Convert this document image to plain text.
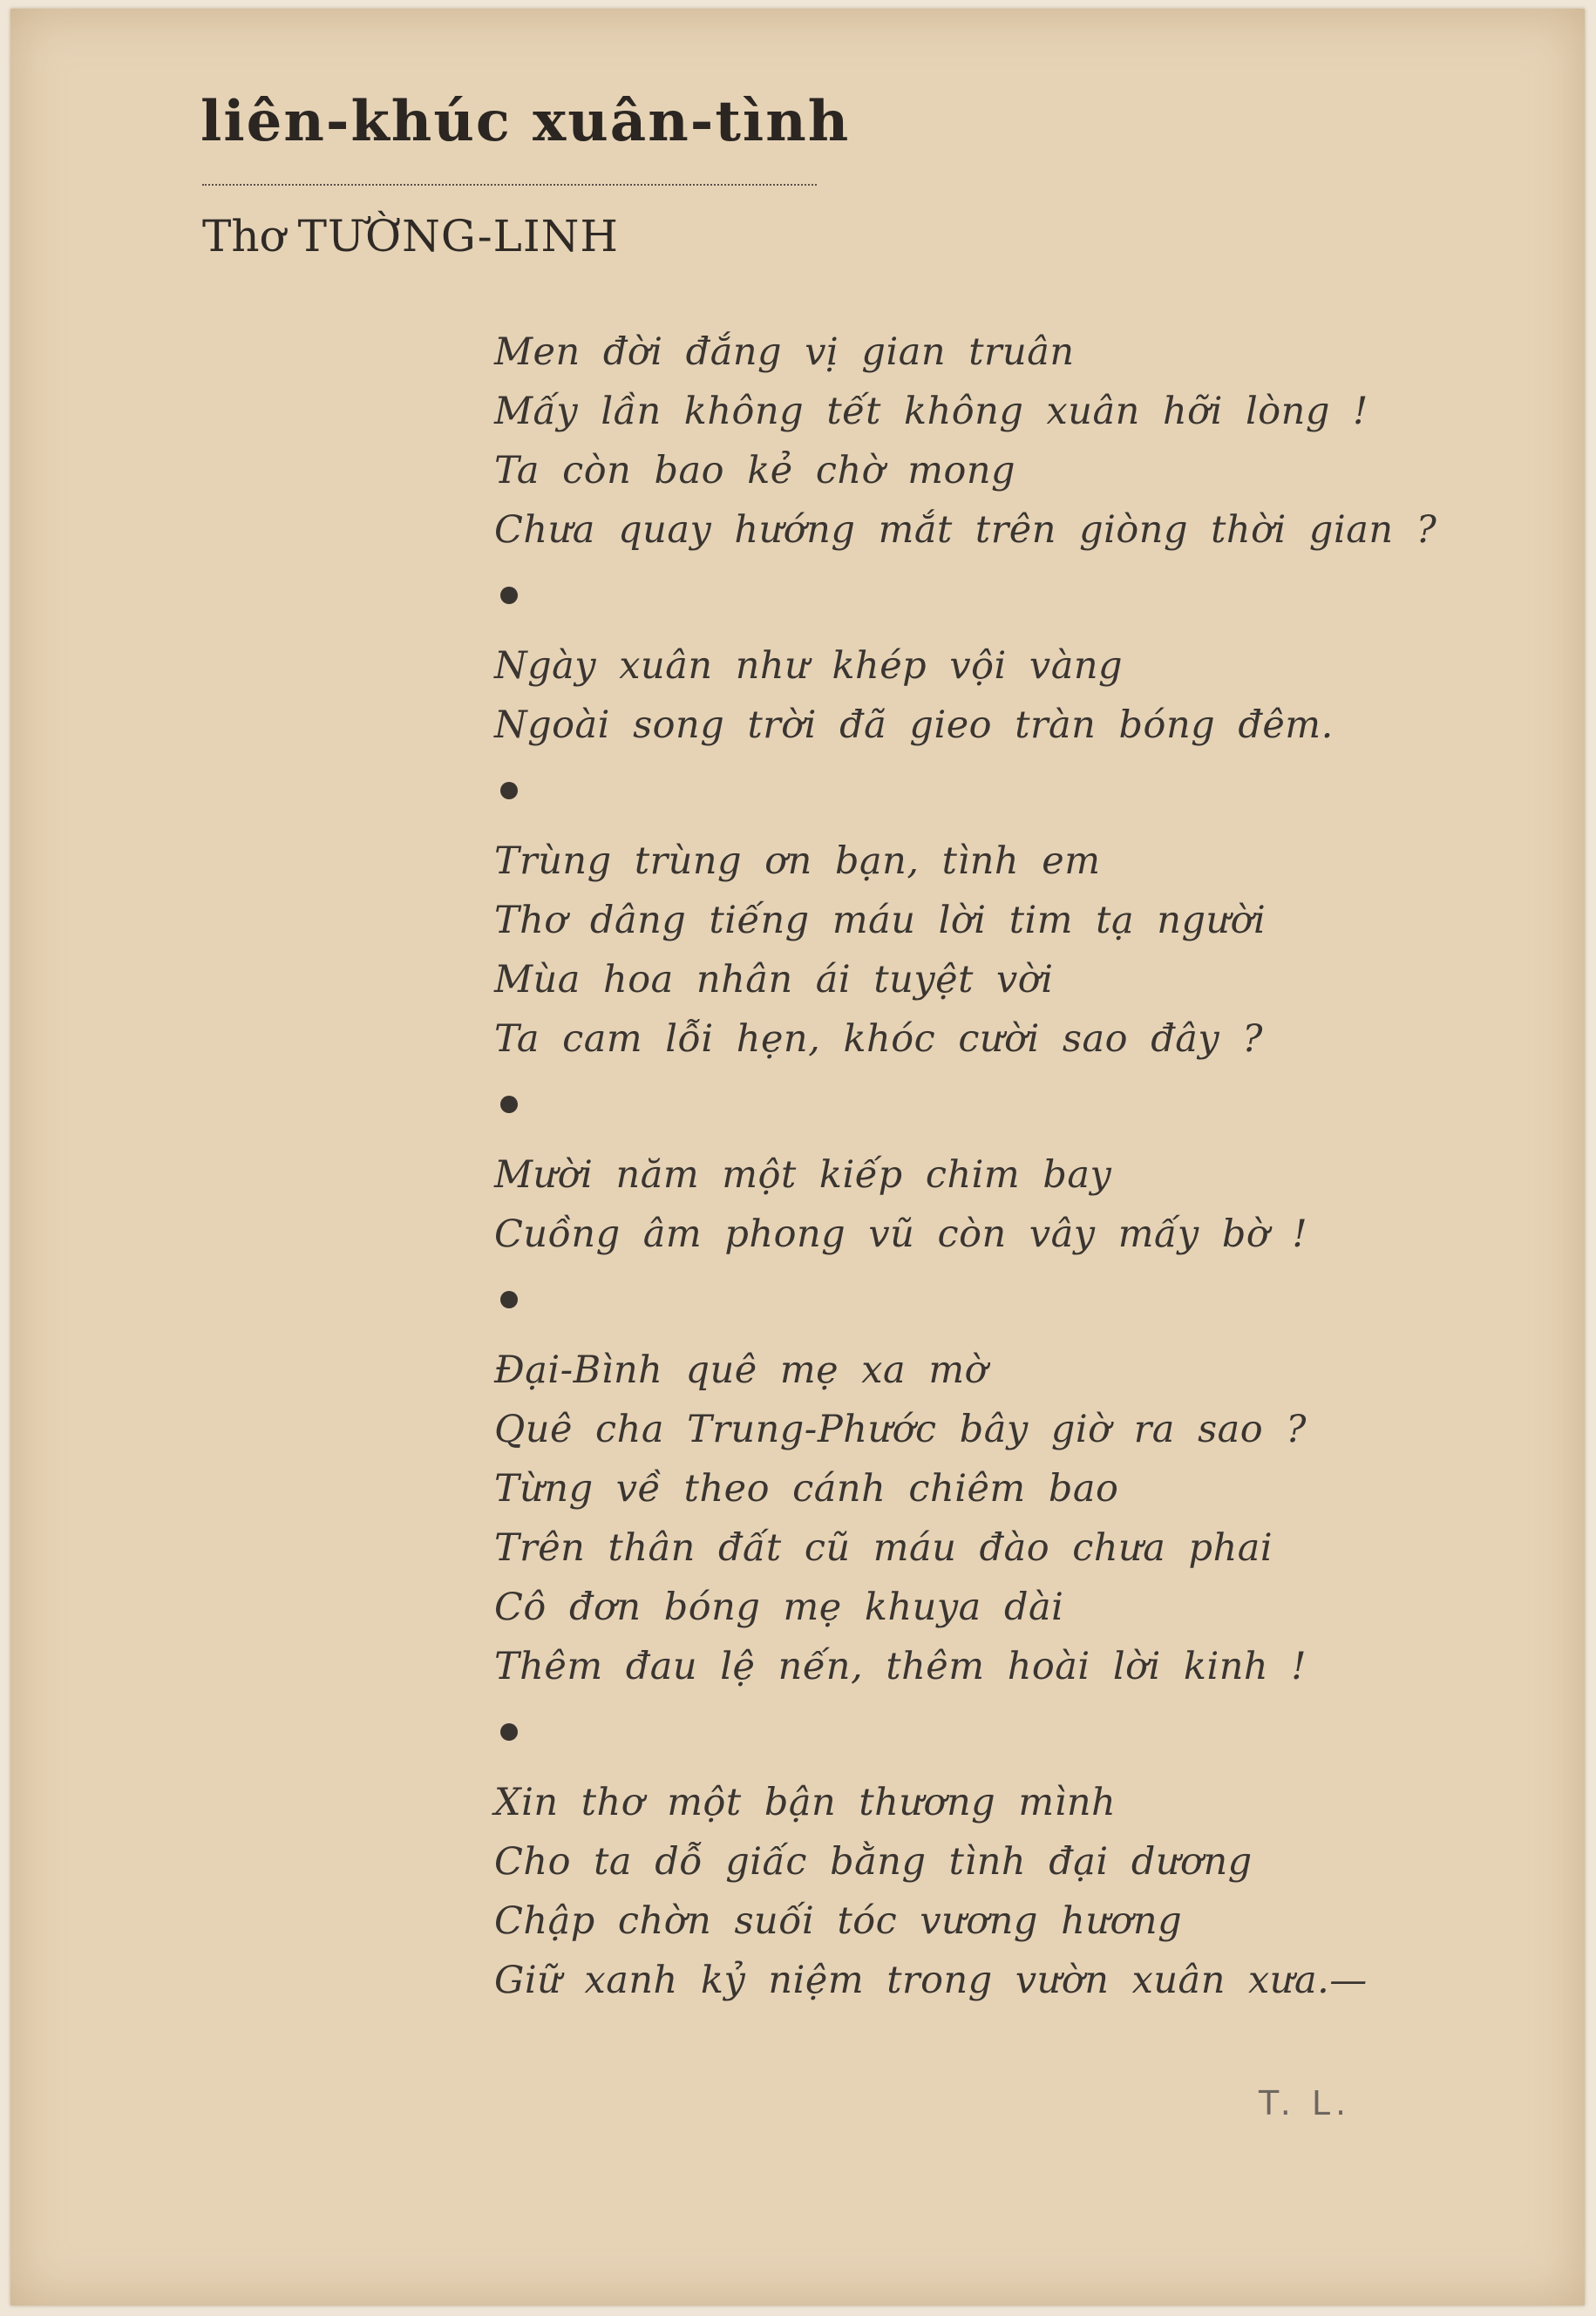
liên-khúc xuân-tình
Thơ TƯỜNG-LINH
Men đời đắng vị gian truân
Mấy lần không tết không xuân hỡi lòng !
Ta còn bao kẻ chờ mong
Chưa quay hướng mắt trên giòng thời gian ?
Ngày xuân như khép vội vàng
Ngoài song trời đã gieo tràn bóng đêm.
Trùng trùng ơn bạn, tình em
Thơ dâng tiếng máu lời tim tạ người
Mùa hoa nhân ái tuyệt vời
Ta cam lỗi hẹn, khóc cười sao đây ?
Mười năm một kiếp chim bay
Cuồng âm phong vũ còn vây mấy bờ !
Đại-Bình quê mẹ xa mờ
Quê cha Trung-Phước bây giờ ra sao ?
Từng về theo cánh chiêm bao
Trên thân đất cũ máu đào chưa phai
Cô đơn bóng mẹ khuya dài
Thêm đau lệ nến, thêm hoài lời kinh !
Xin thơ một bận thương mình
Cho ta dỗ giấc bằng tình đại dương
Chập chờn suối tóc vương hương
Giữ xanh kỷ niệm trong vườn xuân xưa.—
T. L.
